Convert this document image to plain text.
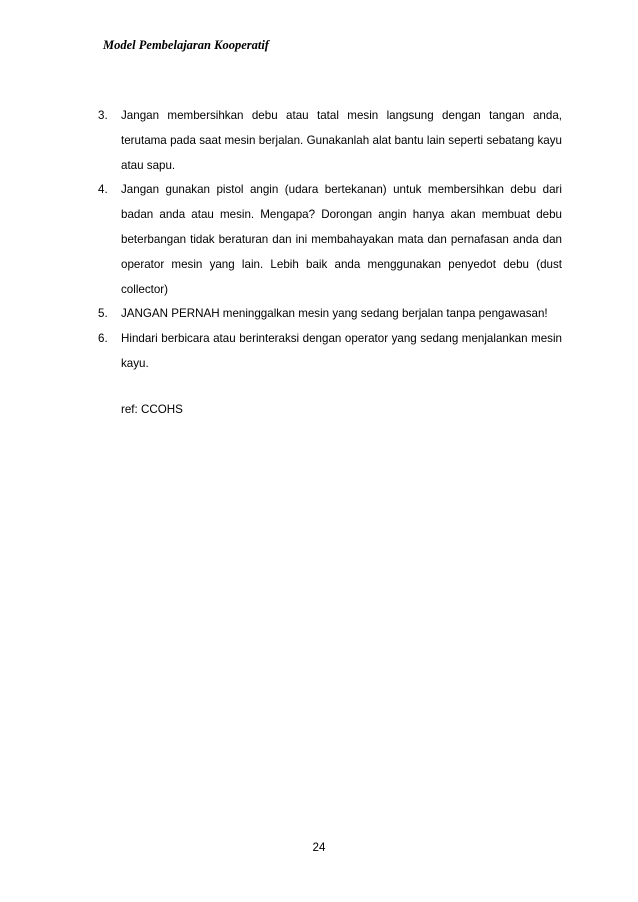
Model Pembelajaran Kooperatif
3. Jangan membersihkan debu atau tatal mesin langsung dengan tangan anda, terutama pada saat mesin berjalan. Gunakanlah alat bantu lain seperti sebatang kayu atau sapu.
4. Jangan gunakan pistol angin (udara bertekanan) untuk membersihkan debu dari badan anda atau mesin. Mengapa? Dorongan angin hanya akan membuat debu beterbangan tidak beraturan dan ini membahayakan mata dan pernafasan anda dan operator mesin yang lain. Lebih baik anda menggunakan penyedot debu (dust collector)
5. JANGAN PERNAH meninggalkan mesin yang sedang berjalan tanpa pengawasan!
6. Hindari berbicara atau berinteraksi dengan operator yang sedang menjalankan mesin kayu.
ref: CCOHS
24
